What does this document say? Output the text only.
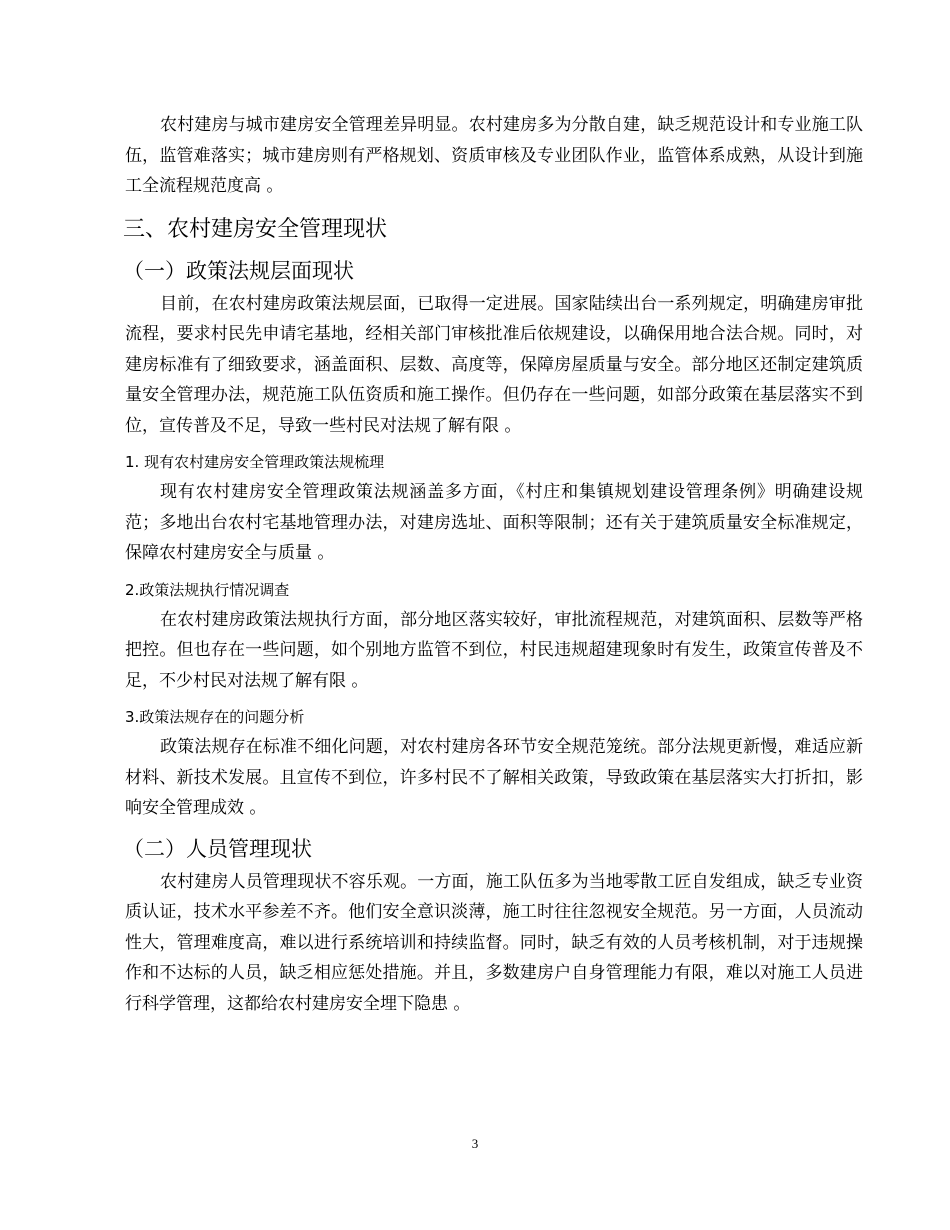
农村建房与城市建房安全管理差异明显。农村建房多为分散自建，缺乏规范设计和专业施工队伍，监管难落实；城市建房则有严格规划、资质审核及专业团队作业，监管体系成熟，从设计到施工全流程规范度高 。

三、农村建房安全管理现状
（一）政策法规层面现状

目前，在农村建房政策法规层面，已取得一定进展。国家陆续出台一系列规定，明确建房审批流程，要求村民先申请宅基地，经相关部门审核批准后依规建设，以确保用地合法合规。同时，对建房标准有了细致要求，涵盖面积、层数、高度等，保障房屋质量与安全。部分地区还制定建筑质量安全管理办法，规范施工队伍资质和施工操作。但仍存在一些问题，如部分政策在基层落实不到位，宣传普及不足，导致一些村民对法规了解有限 。

1. 现有农村建房安全管理政策法规梳理

现有农村建房安全管理政策法规涵盖多方面，《村庄和集镇规划建设管理条例》明确建设规范；多地出台农村宅基地管理办法，对建房选址、面积等限制；还有关于建筑质量安全标准规定，保障农村建房安全与质量 。

2.政策法规执行情况调查

在农村建房政策法规执行方面，部分地区落实较好，审批流程规范，对建筑面积、层数等严格把控。但也存在一些问题，如个别地方监管不到位，村民违规超建现象时有发生，政策宣传普及不足，不少村民对法规了解有限 。

3.政策法规存在的问题分析

政策法规存在标准不细化问题，对农村建房各环节安全规范笼统。部分法规更新慢，难适应新材料、新技术发展。且宣传不到位，许多村民不了解相关政策，导致政策在基层落实大打折扣，影响安全管理成效 。

（二）人员管理现状

农村建房人员管理现状不容乐观。一方面，施工队伍多为当地零散工匠自发组成，缺乏专业资质认证，技术水平参差不齐。他们安全意识淡薄，施工时往往忽视安全规范。另一方面，人员流动性大，管理难度高，难以进行系统培训和持续监督。同时，缺乏有效的人员考核机制，对于违规操作和不达标的人员，缺乏相应惩处措施。并且，多数建房户自身管理能力有限，难以对施工人员进行科学管理，这都给农村建房安全埋下隐患 。

3
